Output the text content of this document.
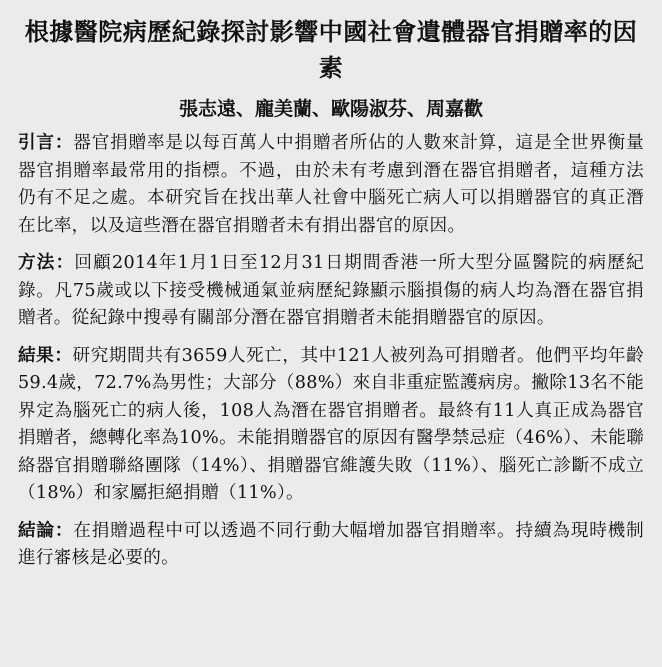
根據醫院病歷紀錄探討影響中國社會遺體器官捐贈率的因素
張志遠、龐美蘭、歐陽淑芬、周嘉歡

引言：器官捐贈率是以每百萬人中捐贈者所佔的人數來計算，這是全世界衡量器官捐贈率最常用的指標。不過，由於未有考慮到潛在器官捐贈者，這種方法仍有不足之處。本研究旨在找出華人社會中腦死亡病人可以捐贈器官的真正潛在比率，以及這些潛在器官捐贈者未有捐出器官的原因。

方法：回顧2014年1月1日至12月31日期間香港一所大型分區醫院的病歷紀錄。凡75歲或以下接受機械通氣並病歷紀錄顯示腦損傷的病人均為潛在器官捐贈者。從紀錄中搜尋有關部分潛在器官捐贈者未能捐贈器官的原因。

結果：研究期間共有3659人死亡，其中121人被列為可捐贈者。他們平均年齡59.4歲，72.7%為男性；大部分（88%）來自非重症監護病房。撇除13名不能界定為腦死亡的病人後，108人為潛在器官捐贈者。最終有11人真正成為器官捐贈者，總轉化率為10%。未能捐贈器官的原因有醫學禁忌症（46%）、未能聯絡器官捐贈聯絡團隊（14%）、捐贈器官維護失敗（11%）、腦死亡診斷不成立（18%）和家屬拒絕捐贈（11%）。

結論：在捐贈過程中可以透過不同行動大幅增加器官捐贈率。持續為現時機制進行審核是必要的。
